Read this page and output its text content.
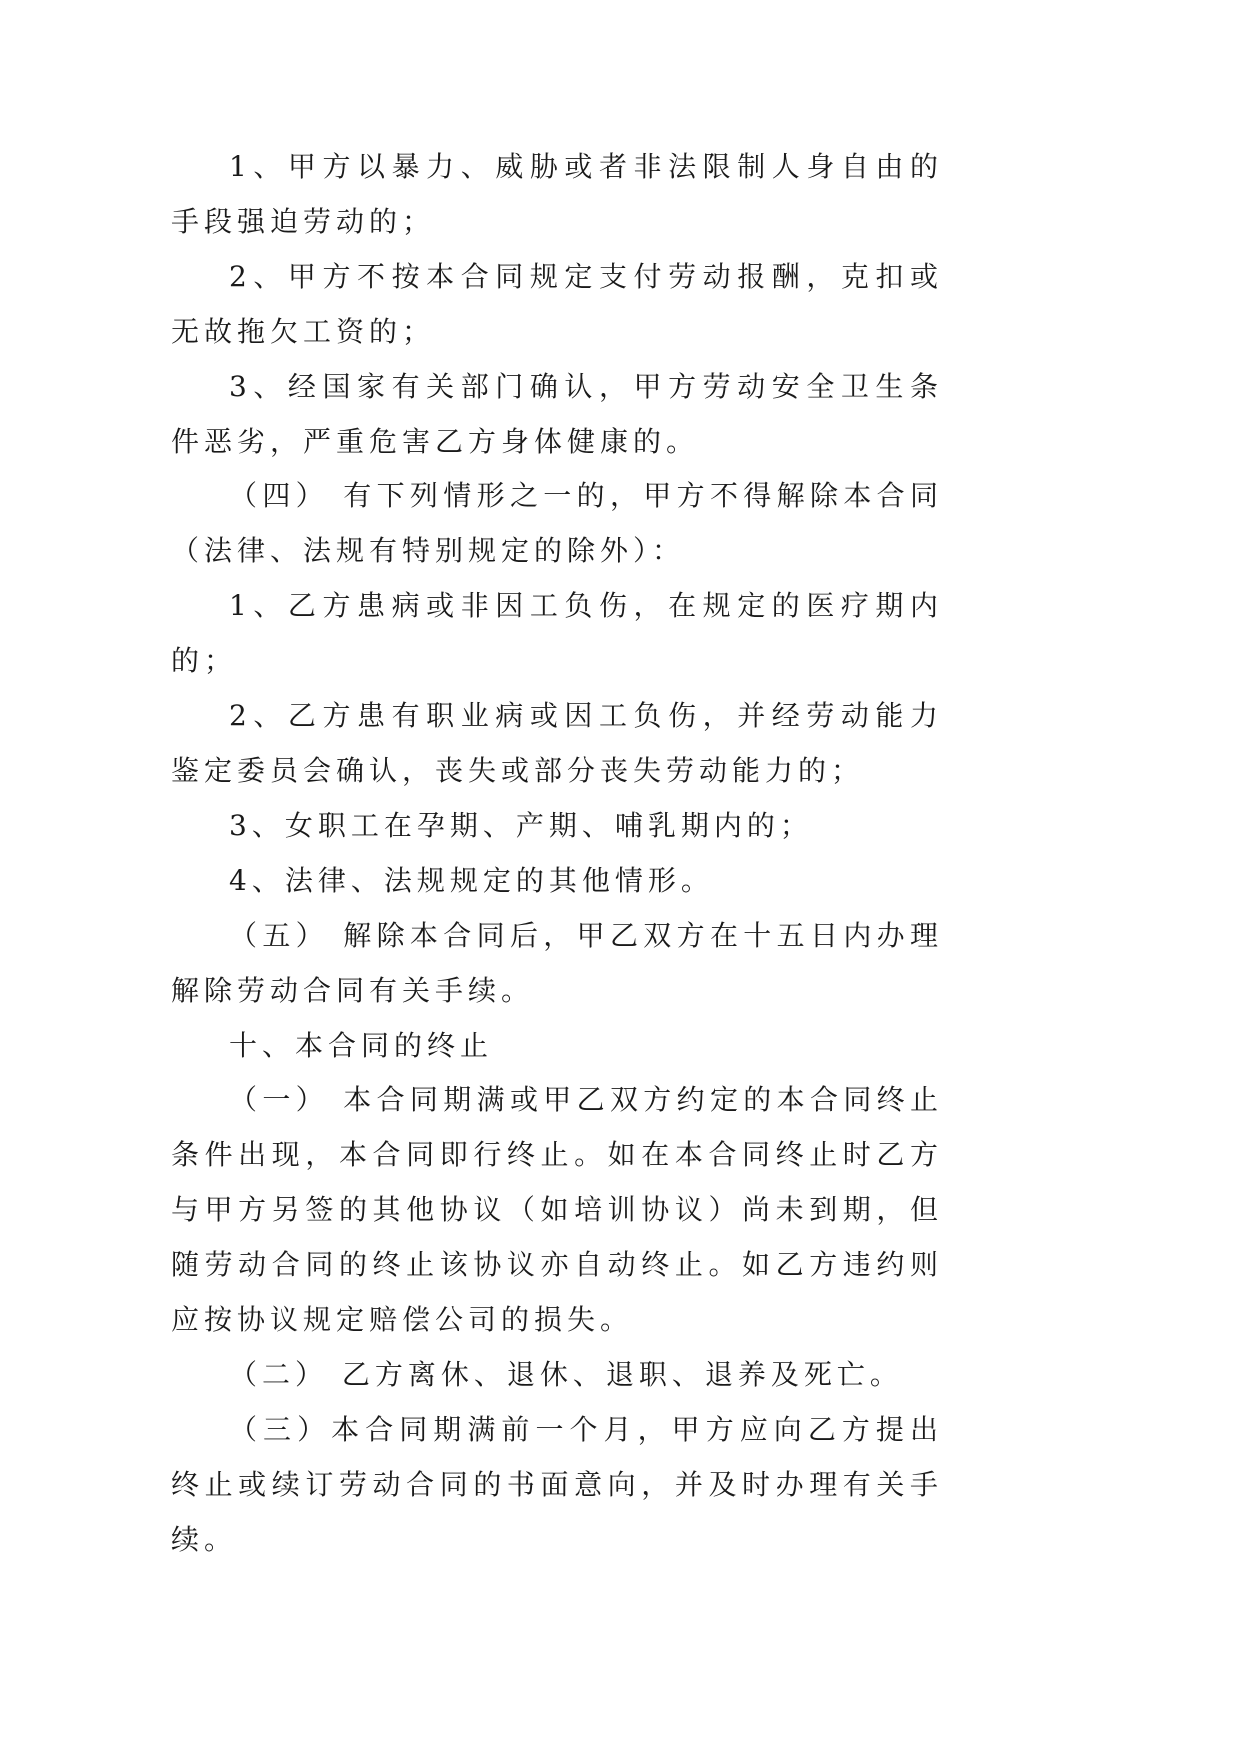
1、甲方以暴力、威胁或者非法限制人身自由的手段强迫劳动的；

2、甲方不按本合同规定支付劳动报酬，克扣或无故拖欠工资的；

3、经国家有关部门确认，甲方劳动安全卫生条件恶劣，严重危害乙方身体健康的。

（四） 有下列情形之一的，甲方不得解除本合同（法律、法规有特别规定的除外）：

1、乙方患病或非因工负伤，在规定的医疗期内的；

2、乙方患有职业病或因工负伤，并经劳动能力鉴定委员会确认，丧失或部分丧失劳动能力的；

3、女职工在孕期、产期、哺乳期内的；

4、法律、法规规定的其他情形。

（五） 解除本合同后，甲乙双方在十五日内办理解除劳动合同有关手续。

十、本合同的终止

（一） 本合同期满或甲乙双方约定的本合同终止条件出现，本合同即行终止。如在本合同终止时乙方与甲方另签的其他协议（如培训协议）尚未到期，但随劳动合同的终止该协议亦自动终止。如乙方违约则应按协议规定赔偿公司的损失。

（二） 乙方离休、退休、退职、退养及死亡。

（三）本合同期满前一个月，甲方应向乙方提出终止或续订劳动合同的书面意向，并及时办理有关手续。
